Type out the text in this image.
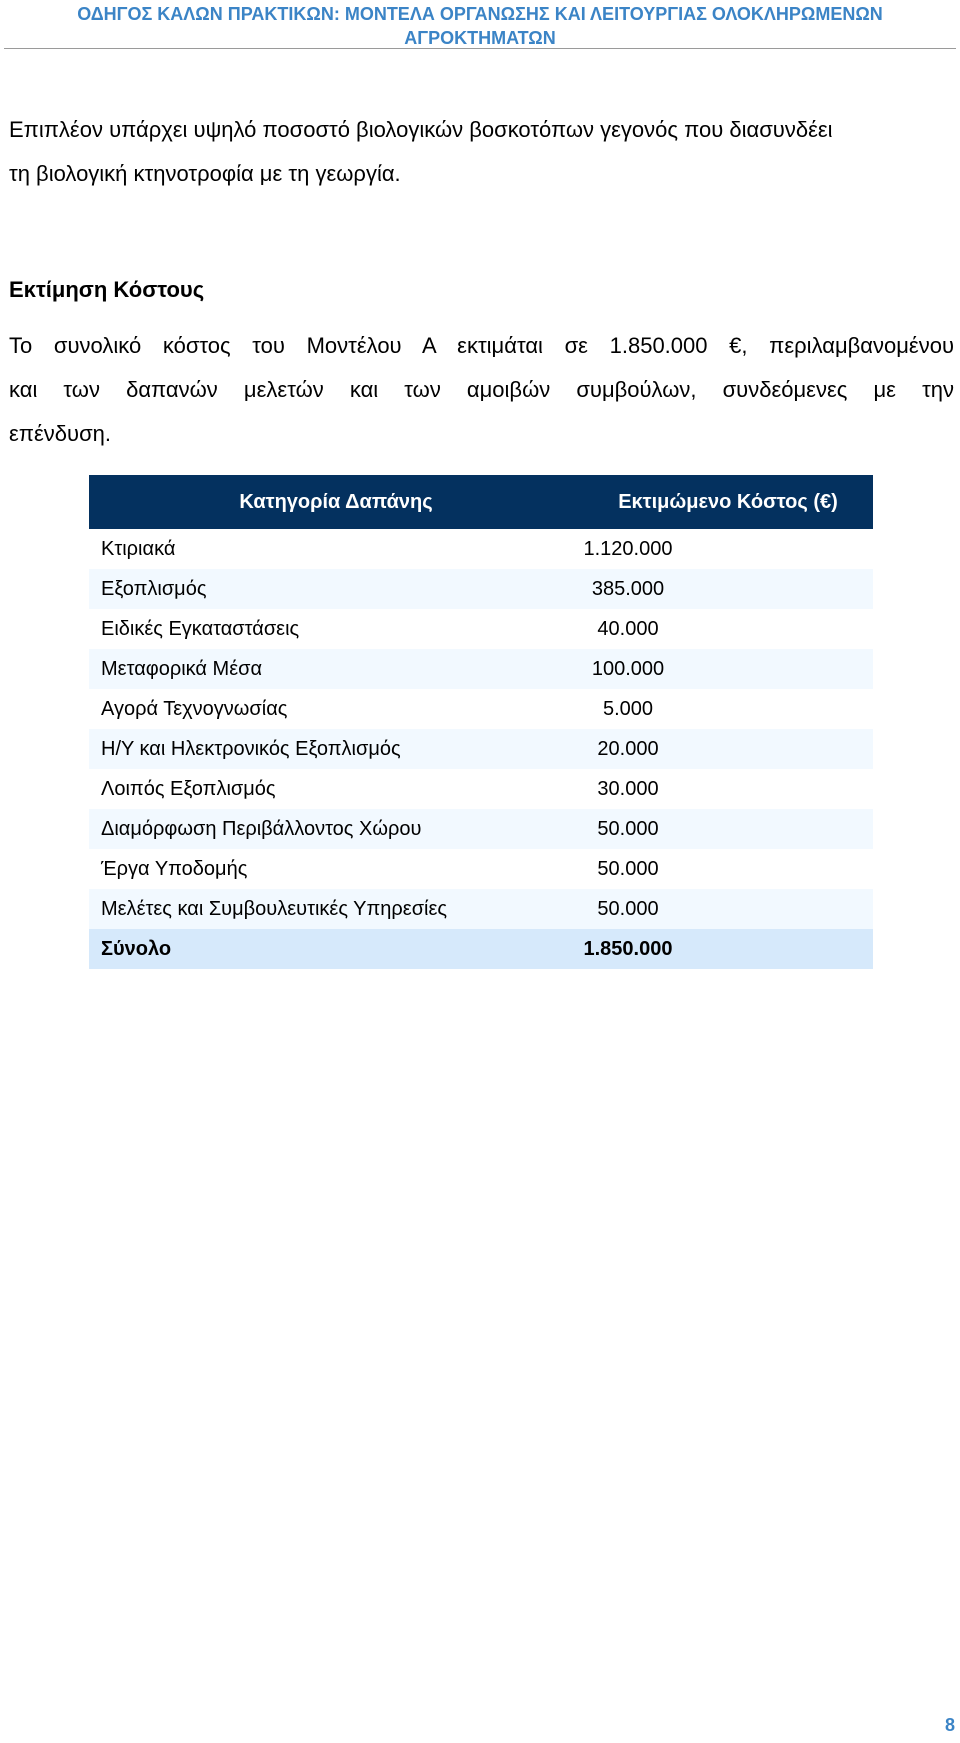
ΟΔΗΓΟΣ ΚΑΛΩΝ ΠΡΑΚΤΙΚΩΝ: ΜΟΝΤΕΛΑ ΟΡΓΑΝΩΣΗΣ ΚΑΙ ΛΕΙΤΟΥΡΓΙΑΣ ΟΛΟΚΛΗΡΩΜΕΝΩΝ
ΑΓΡΟΚΤΗΜΑΤΩΝ
Επιπλέον υπάρχει υψηλό ποσοστό βιολογικών βοσκοτόπων γεγονός που διασυνδέει
τη βιολογική κτηνοτροφία με τη γεωργία.
Εκτίμηση Κόστους
Το συνολικό κόστος του Μοντέλου Α εκτιμάται σε 1.850.000 €, περιλαμβανομένου
και των δαπανών μελετών και των αμοιβών συμβούλων, συνδεόμενες με την
επένδυση.
Κατηγορία Δαπάνης	Εκτιμώμενο Κόστος (€)
Κτιριακά	1.120.000
Εξοπλισμός	385.000
Ειδικές Εγκαταστάσεις	40.000
Μεταφορικά Μέσα	100.000
Αγορά Τεχνογνωσίας	5.000
Η/Υ και Ηλεκτρονικός Εξοπλισμός	20.000
Λοιπός Εξοπλισμός	30.000
Διαμόρφωση Περιβάλλοντος Χώρου	50.000
Έργα Υποδομής	50.000
Μελέτες και Συμβουλευτικές Υπηρεσίες	50.000
Σύνολο	1.850.000
8
